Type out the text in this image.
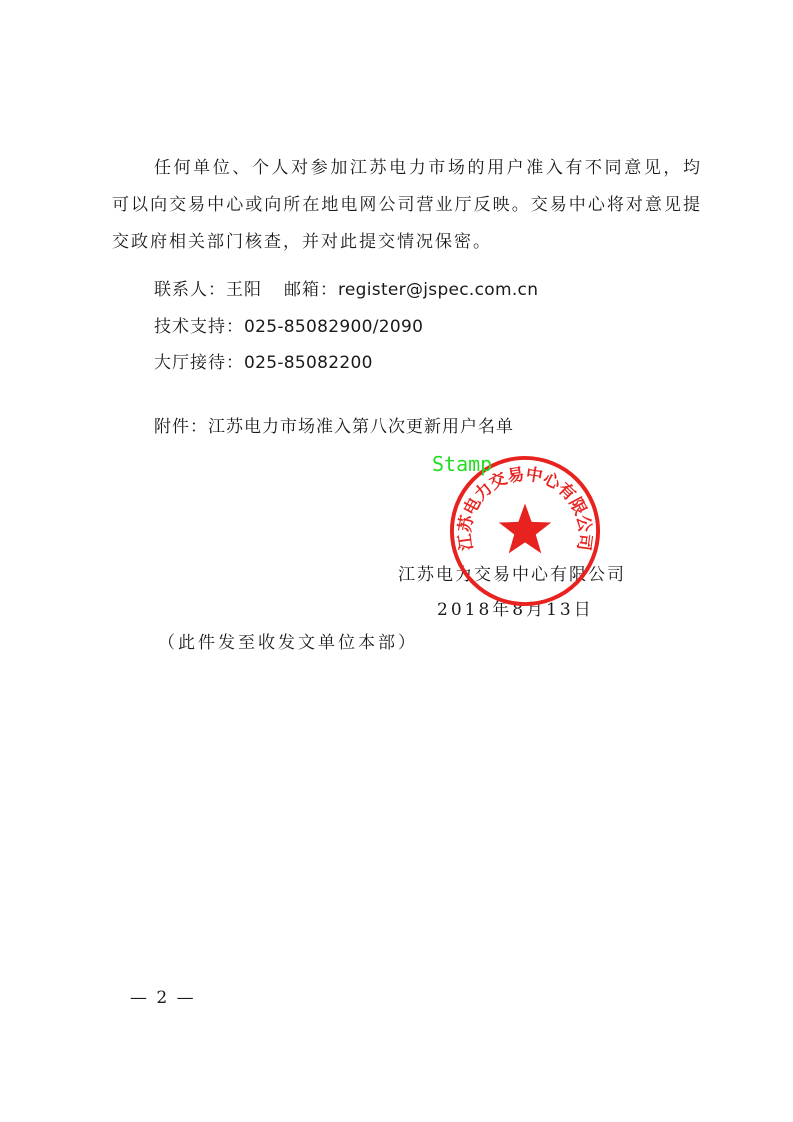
任何单位、个人对参加江苏电力市场的用户准入有不同意见，均可以向交易中心或向所在地电网公司营业厅反映。交易中心将对意见提交政府相关部门核查，并对此提交情况保密。

联系人：王阳 邮箱：register@jspec.com.cn
技术支持：025-85082900/2090
大厅接待：025-85082200
附件：江苏电力市场准入第八次更新用户名单
江苏电力交易中心有限公司
2018年8月13日
（此件发至收发文单位本部）
— 2 —
Stamp
江苏电力交易中心有限公司
